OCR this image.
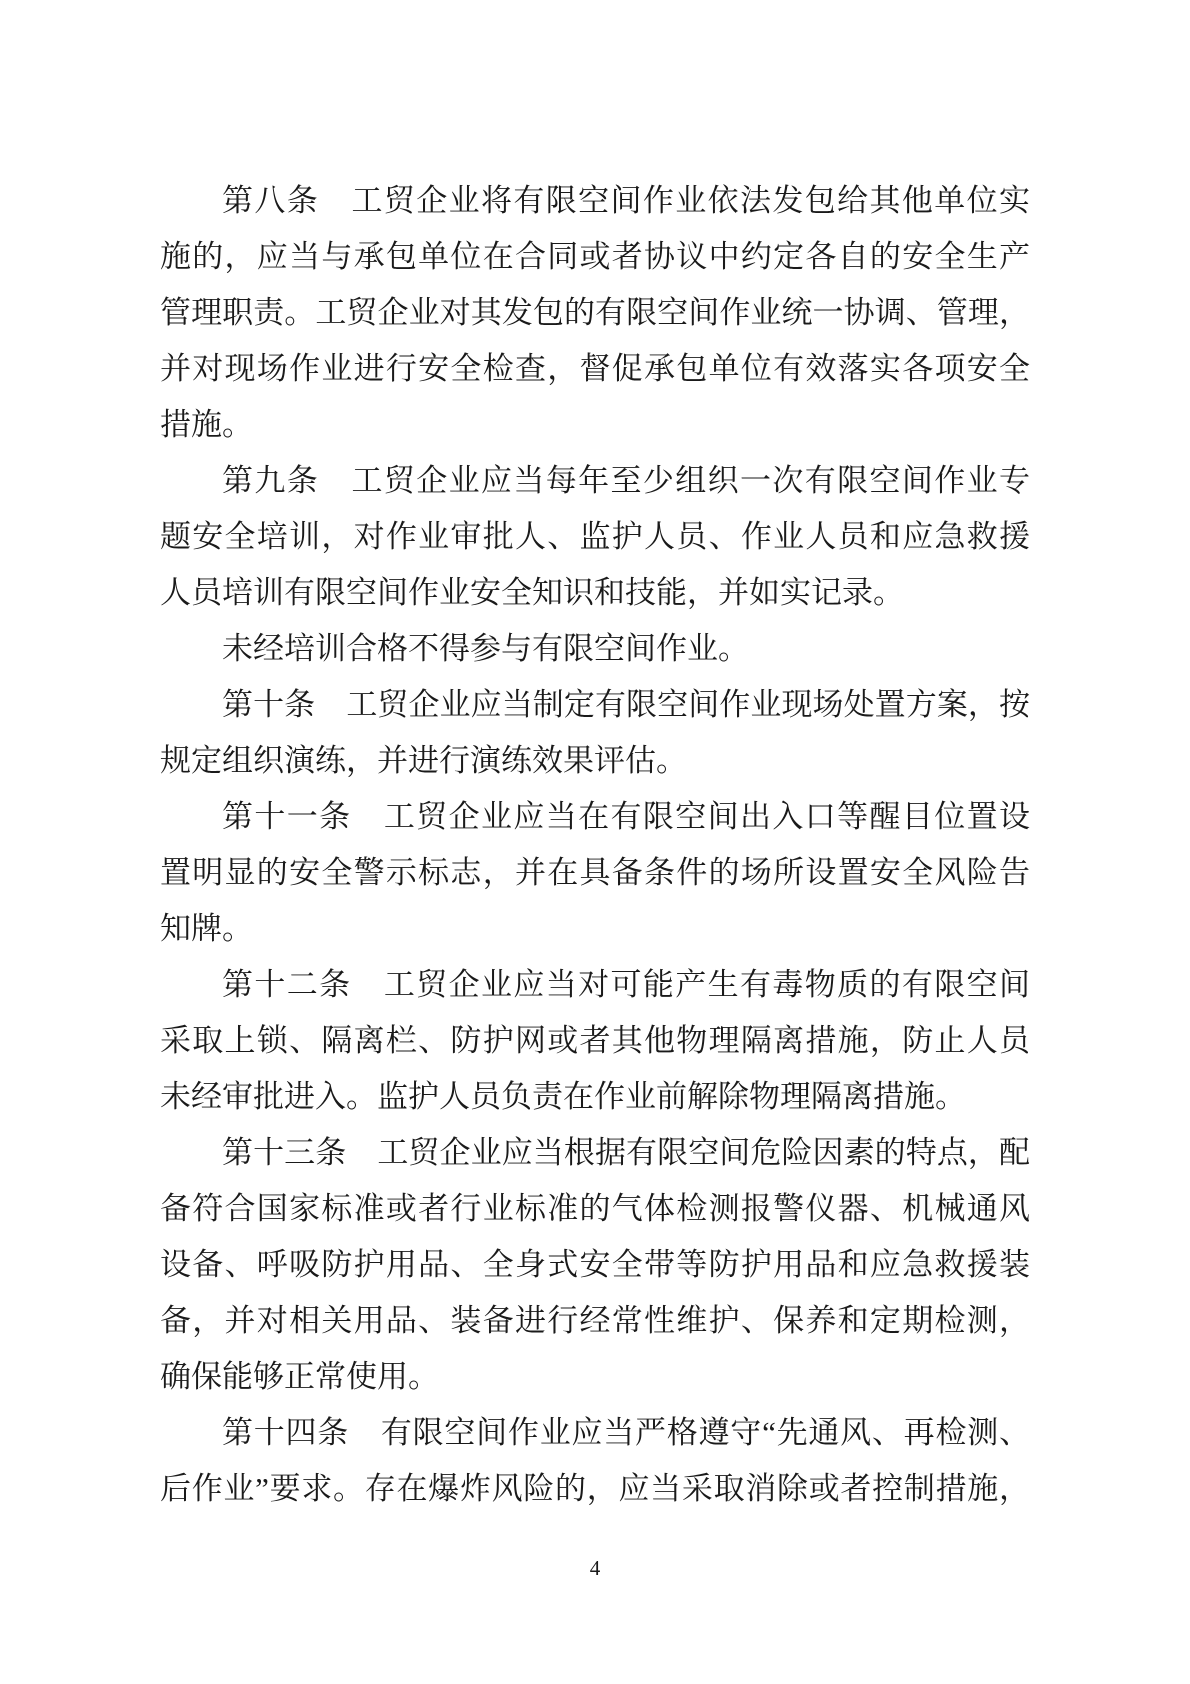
第八条　工贸企业将有限空间作业依法发包给其他单位实
施的，应当与承包单位在合同或者协议中约定各自的安全生产
管理职责。工贸企业对其发包的有限空间作业统一协调、管理，
并对现场作业进行安全检查，督促承包单位有效落实各项安全
措施。
第九条　工贸企业应当每年至少组织一次有限空间作业专
题安全培训，对作业审批人、监护人员、作业人员和应急救援
人员培训有限空间作业安全知识和技能，并如实记录。
未经培训合格不得参与有限空间作业。
第十条　工贸企业应当制定有限空间作业现场处置方案，按
规定组织演练，并进行演练效果评估。
第十一条　工贸企业应当在有限空间出入口等醒目位置设
置明显的安全警示标志，并在具备条件的场所设置安全风险告
知牌。
第十二条　工贸企业应当对可能产生有毒物质的有限空间
采取上锁、隔离栏、防护网或者其他物理隔离措施，防止人员
未经审批进入。监护人员负责在作业前解除物理隔离措施。
第十三条　工贸企业应当根据有限空间危险因素的特点，配
备符合国家标准或者行业标准的气体检测报警仪器、机械通风
设备、呼吸防护用品、全身式安全带等防护用品和应急救援装
备，并对相关用品、装备进行经常性维护、保养和定期检测，
确保能够正常使用。
第十四条　有限空间作业应当严格遵守“先通风、再检测、
后作业”要求。存在爆炸风险的，应当采取消除或者控制措施，
4
